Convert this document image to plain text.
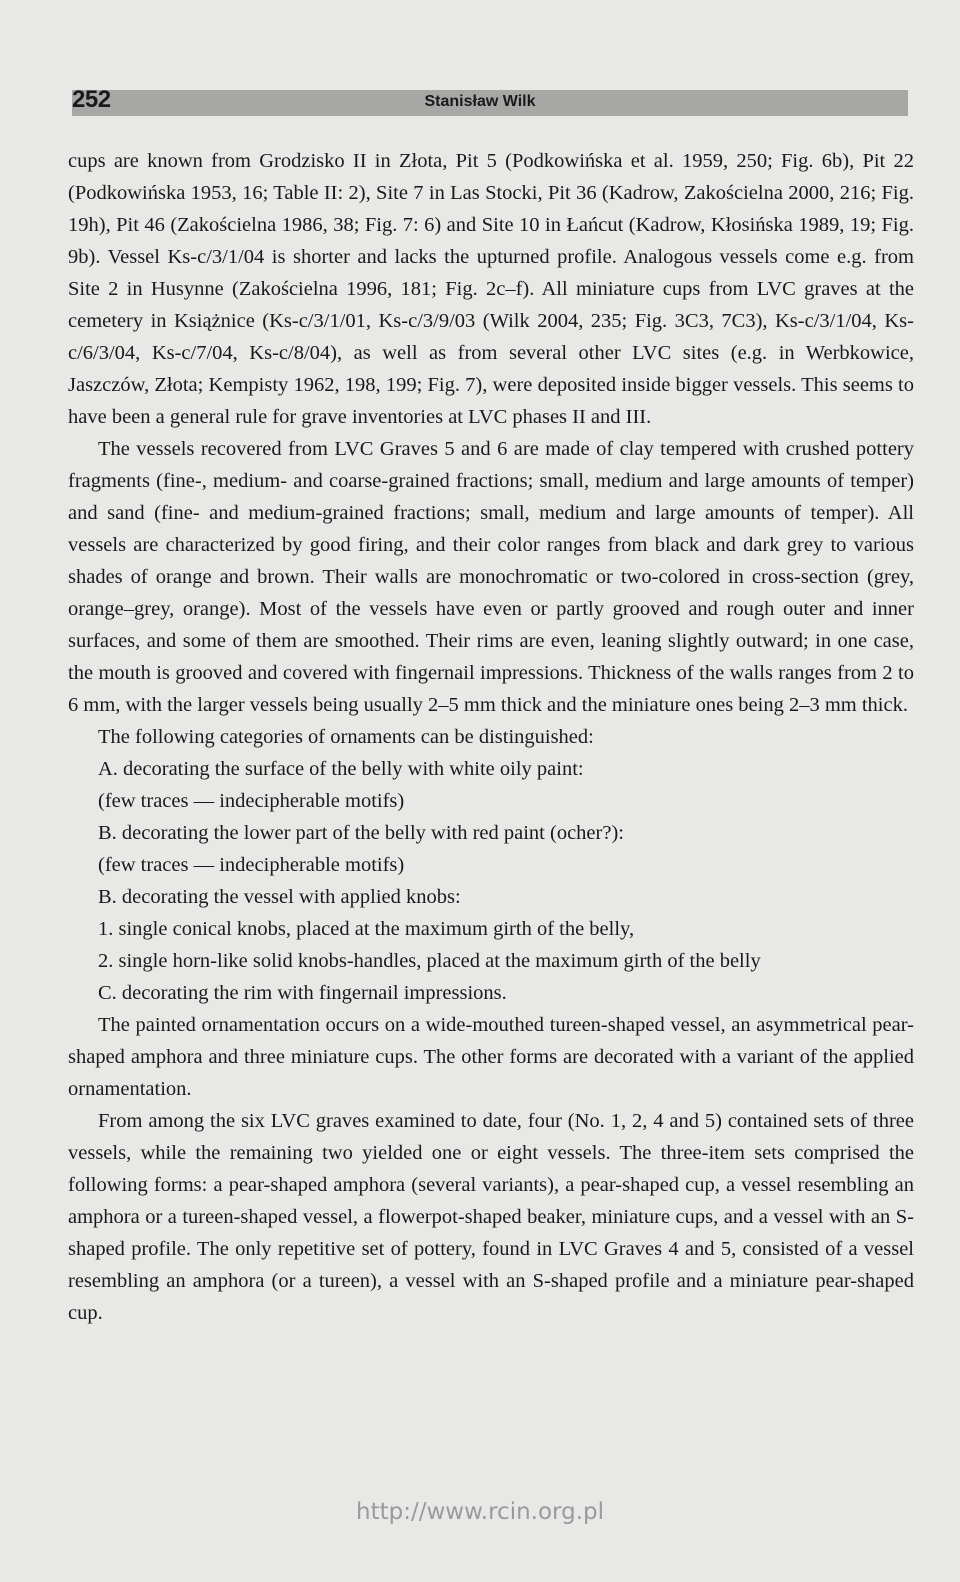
252	Stanisław Wilk

cups are known from Grodzisko II in Złota, Pit 5 (Podkowińska et al. 1959, 250; Fig. 6b), Pit 22 (Podkowińska 1953, 16; Table II: 2), Site 7 in Las Stocki, Pit 36 (Kadrow, Zakościelna 2000, 216; Fig. 19h), Pit 46 (Zakościelna 1986, 38; Fig. 7: 6) and Site 10 in Łańcut (Kadrow, Kłosińska 1989, 19; Fig. 9b). Vessel Ks-c/3/1/04 is shorter and lacks the upturned profile. Analogous vessels come e.g. from Site 2 in Husynne (Zakościelna 1996, 181; Fig. 2c–f). All miniature cups from LVC graves at the cemetery in Książnice (Ks-c/3/1/01, Ks-c/3/9/03 (Wilk 2004, 235; Fig. 3C3, 7C3), Ks-c/3/1/04, Ks-c/6/3/04, Ks-c/7/04, Ks-c/8/04), as well as from several other LVC sites (e.g. in Werbkowice, Jaszczów, Złota; Kempisty 1962, 198, 199; Fig. 7), were deposited inside bigger vessels. This seems to have been a general rule for grave inventories at LVC phases II and III.

The vessels recovered from LVC Graves 5 and 6 are made of clay tempered with crushed pottery fragments (fine-, medium- and coarse-grained fractions; small, medium and large amounts of temper) and sand (fine- and medium-grained fractions; small, medium and large amounts of temper). All vessels are characterized by good firing, and their color ranges from black and dark grey to various shades of orange and brown. Their walls are monochromatic or two-colored in cross-section (grey, orange–grey, orange). Most of the vessels have even or partly grooved and rough outer and inner surfaces, and some of them are smoothed. Their rims are even, leaning slightly outward; in one case, the mouth is grooved and covered with fingernail impressions. Thickness of the walls ranges from 2 to 6 mm, with the larger vessels being usually 2–5 mm thick and the miniature ones being 2–3 mm thick.

The following categories of ornaments can be distinguished:

A. decorating the surface of the belly with white oily paint:

(few traces — indecipherable motifs)

B. decorating the lower part of the belly with red paint (ocher?):

(few traces — indecipherable motifs)

B. decorating the vessel with applied knobs:

1. single conical knobs, placed at the maximum girth of the belly,

2. single horn-like solid knobs-handles, placed at the maximum girth of the belly

C. decorating the rim with fingernail impressions.

The painted ornamentation occurs on a wide-mouthed tureen-shaped vessel, an asymmetrical pear-shaped amphora and three miniature cups. The other forms are decorated with a variant of the applied ornamentation.

From among the six LVC graves examined to date, four (No. 1, 2, 4 and 5) contained sets of three vessels, while the remaining two yielded one or eight vessels. The three-item sets comprised the following forms: a pear-shaped amphora (several variants), a pear-shaped cup, a vessel resembling an amphora or a tureen-shaped vessel, a flowerpot-shaped beaker, miniature cups, and a vessel with an S-shaped profile. The only repetitive set of pottery, found in LVC Graves 4 and 5, consisted of a vessel resembling an amphora (or a tureen), a vessel with an S-shaped profile and a miniature pear-shaped cup.

http://www.rcin.org.pl
